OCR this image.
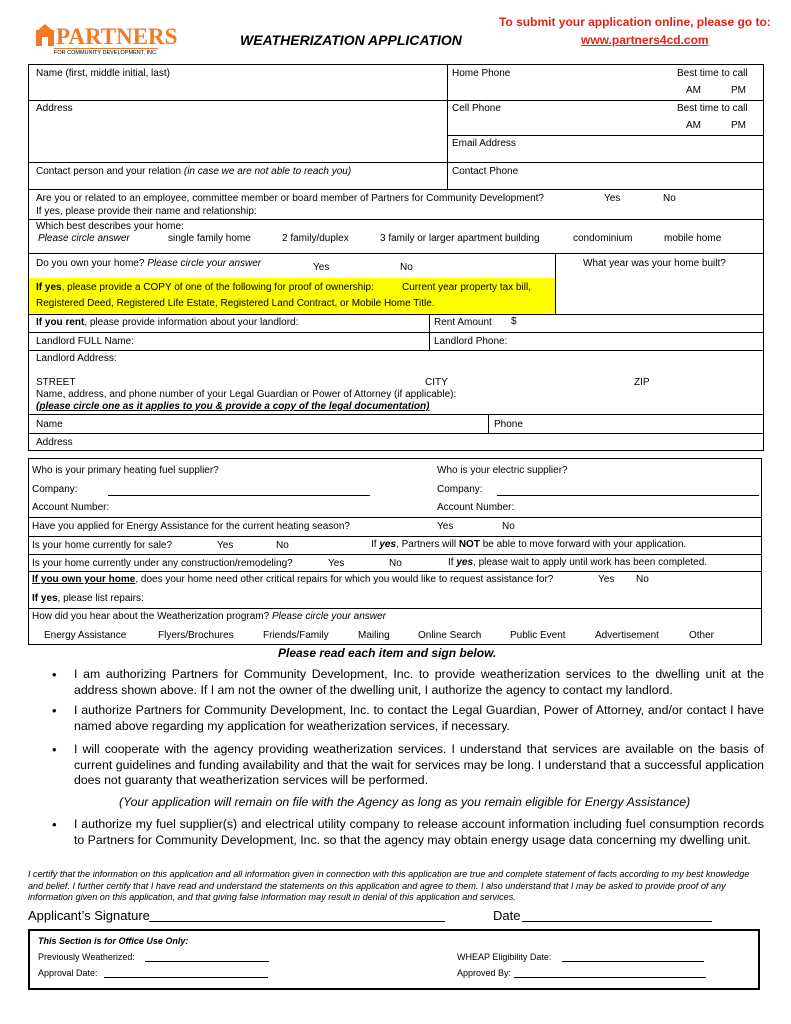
PARTNERS
FOR COMMUNITY DEVELOPMENT, INC.
WEATHERIZATION APPLICATION
To submit your application online, please go to:
www.partners4cd.com
Name (first, middle initial, last)	Home Phone	Best time to call
AM	PM
Address	Cell Phone	Best time to call
AM	PM
Email Address
Contact person and your relation (in case we are not able to reach you)	Contact Phone
Are you or related to an employee, committee member or board member of Partners for Community Development?	Yes	No
If yes, please provide their name and relationship:
Which best describes your home:
Please circle answer	single family home	2 family/duplex	3 family or larger apartment building	condominium	mobile home
Do you own your home? Please circle your answer	Yes	No	What year was your home built?
If yes, please provide a COPY of one of the following for proof of ownership:	Current year property tax bill,
Registered Deed, Registered Life Estate, Registered Land Contract, or Mobile Home Title.
If you rent, please provide information about your landlord:	Rent Amount $
Landlord FULL Name:	Landlord Phone:
Landlord Address:
STREET	CITY	ZIP
Name, address, and phone number of your Legal Guardian or Power of Attorney (if applicable):
(please circle one as it applies to you & provide a copy of the legal documentation)
Name	Phone
Address
Who is your primary heating fuel supplier?	Who is your electric supplier?
Company:	Company:
Account Number:	Account Number:
Have you applied for Energy Assistance for the current heating season?	Yes	No
Is your home currently for sale?	Yes	No	If yes, Partners will NOT be able to move forward with your application.
Is your home currently under any construction/remodeling?	Yes	No	If yes, please wait to apply until work has been completed.
If you own your home, does your home need other critical repairs for which you would like to request assistance for?	Yes No
If yes, please list repairs:
How did you hear about the Weatherization program? Please circle your answer
Energy Assistance	Flyers/Brochures	Friends/Family	Mailing	Online Search	Public Event	Advertisement	Other
Please read each item and sign below.
• I am authorizing Partners for Community Development, Inc. to provide weatherization services to the dwelling unit at the address shown above. If I am not the owner of the dwelling unit, I authorize the agency to contact my landlord.
• I authorize Partners for Community Development, Inc. to contact the Legal Guardian, Power of Attorney, and/or contact I have named above regarding my application for weatherization services, if necessary.
• I will cooperate with the agency providing weatherization services. I understand that services are available on the basis of current guidelines and funding availability and that the wait for services may be long. I understand that a successful application does not guaranty that weatherization services will be performed.
(Your application will remain on file with the Agency as long as you remain eligible for Energy Assistance)
• I authorize my fuel supplier(s) and electrical utility company to release account information including fuel consumption records to Partners for Community Development, Inc. so that the agency may obtain energy usage data concerning my dwelling unit.
I certify that the information on this application and all information given in connection with this application are true and complete statement of facts according to my best knowledge and belief. I further certify that I have read and understand the statements on this application and agree to them. I also understand that I may be asked to provide proof of any information given on this application, and that giving false information may result in denial of this application and services.
Applicant’s Signature	Date
This Section is for Office Use Only:
Previously Weatherized:
Approval Date:
WHEAP Eligibility Date:
Approved By:
